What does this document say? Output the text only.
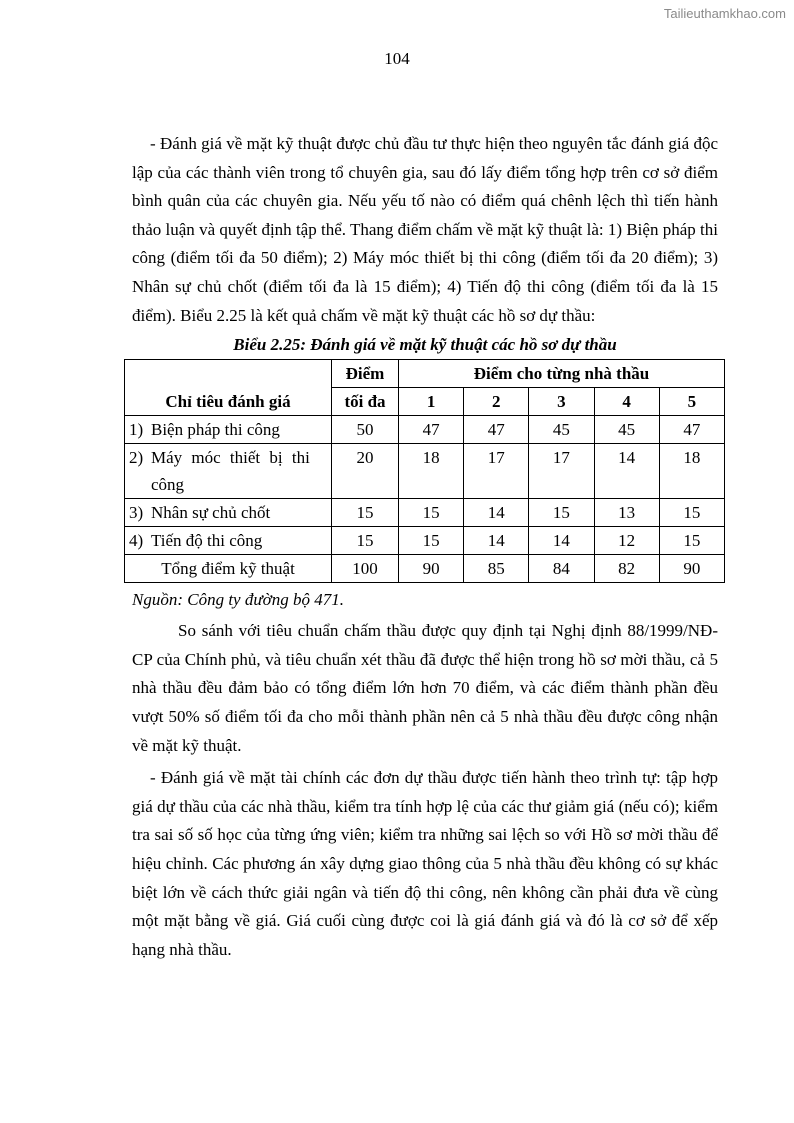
Tailieuthamkhao.com
104

- Đánh giá về mặt kỹ thuật được chủ đầu tư thực hiện theo nguyên tắc đánh giá độc lập của các thành viên trong tổ chuyên gia, sau đó lấy điểm tổng hợp trên cơ sở điểm bình quân của các chuyên gia. Nếu yếu tố nào có điểm quá chênh lệch thì tiến hành thảo luận và quyết định tập thể. Thang điểm chấm về mặt kỹ thuật là: 1) Biện pháp thi công (điểm tối đa 50 điểm); 2) Máy móc thiết bị thi công (điểm tối đa 20 điểm); 3) Nhân sự chủ chốt (điểm tối đa là 15 điểm); 4) Tiến độ thi công (điểm tối đa là 15 điểm). Biểu 2.25 là kết quả chấm về mặt kỹ thuật các hồ sơ dự thầu:

Biểu 2.25: Đánh giá về mặt kỹ thuật các hồ sơ dự thầu

Chỉ tiêu đánh giá	Điểm	Điểm cho từng nhà thầu				
	tối đa	1	2	3	4	5
1) Biện pháp thi công	50	47	47	45	45	47
2) Máy móc thiết bị thi
công	20	18	17	17	14	18
3) Nhân sự chủ chốt	15	15	14	15	13	15
4) Tiến độ thi công	15	15	14	14	12	15
Tổng điểm kỹ thuật	100	90	85	84	82	90

Nguồn: Công ty đường bộ 471.

So sánh với tiêu chuẩn chấm thầu được quy định tại Nghị định 88/1999/NĐ-CP của Chính phủ, và tiêu chuẩn xét thầu đã được thể hiện trong hồ sơ mời thầu, cả 5 nhà thầu đều đảm bảo có tổng điểm lớn hơn 70 điểm, và các điểm thành phần đều vượt 50% số điểm tối đa cho mỗi thành phần nên cả 5 nhà thầu đều được công nhận về mặt kỹ thuật.

- Đánh giá về mặt tài chính các đơn dự thầu được tiến hành theo trình tự: tập hợp giá dự thầu của các nhà thầu, kiểm tra tính hợp lệ của các thư giảm giá (nếu có); kiểm tra sai số số học của từng ứng viên; kiểm tra những sai lệch so với Hồ sơ mời thầu để hiệu chỉnh. Các phương án xây dựng giao thông của 5 nhà thầu đều không có sự khác biệt lớn về cách thức giải ngân và tiến độ thi công, nên không cần phải đưa về cùng một mặt bằng về giá. Giá cuối cùng được coi là giá đánh giá và đó là cơ sở để xếp hạng nhà thầu.
